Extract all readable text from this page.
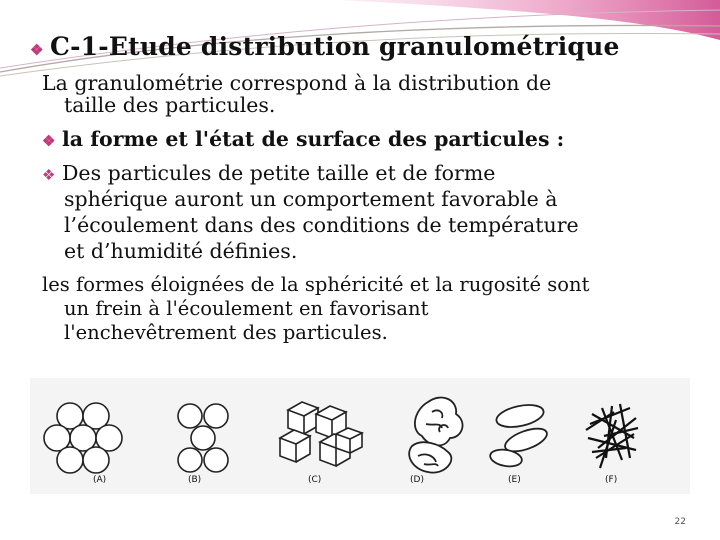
❖ C-1-Etude distribution granulométrique

La granulométrie correspond à la distribution de

taille des particules.

❖ la forme et l'état de surface des particules :
❖ Des particules de petite taille et de forme

sphérique auront un comportement favorable à

l’écoulement dans des conditions de température

et d’humidité définies.

les formes éloignées de la sphéricité et la rugosité sont

un frein à l'écoulement en favorisant

l'enchevêtrement des particules.

(A)	(B)	(C)	(D)	(E)	(F)
22
